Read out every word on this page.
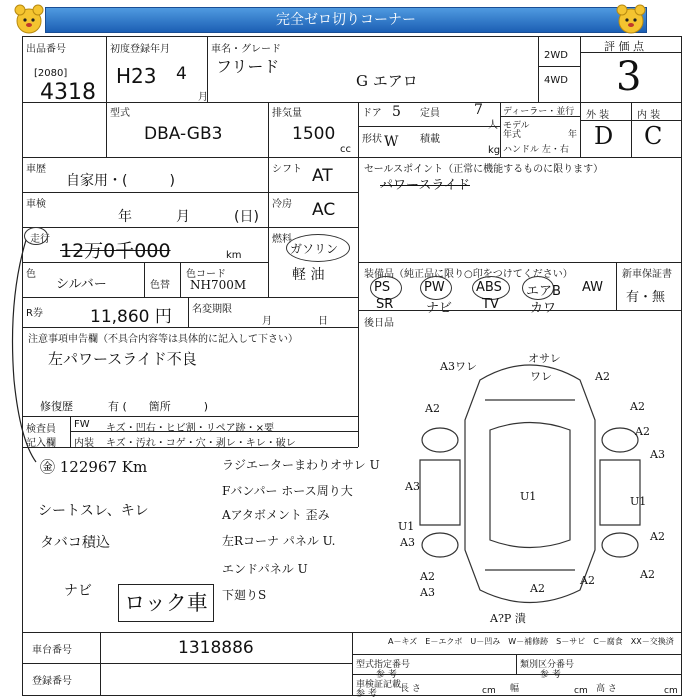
完全ゼロ切りコーナー
出品番号
[2080]
4318
初度登録年月
H23 4
月
車名・グレード
フリード
G エアロ
2WD
4WD
評 価 点
3
型式
DBA-GB3
排気量
1500
cc
ドア 5 定員 7
人
形状 W 積載
kg
ディーラー・並行
モデル
年式	年
ハンドル 左・右
外 装	内 装
D C
車歴
自家用・(　　　)
シフト AT
車検
年	月	(日)
冷房 AC
走行
12万0千000	km
燃料
ガソリン
軽 油
色
シルバー	色替
色コード
NH700M
R券	11,860 円 名変期限
月	日
セールスポイント（正常に機能するものに限ります）
パワースライド
装備品（純正品に限り○印をつけてください）	新車保証書
有・無
PS	PW ABS エアB AW
SR	ナビ TV カワ
後日品
注意事項申告欄（不具合内容等は具体的に記入して下さい）
左パワースライド不良
修復歴	有 (　　箇所　　　)
検査員
記入欄
FW キズ・凹右・ヒビ割・リペア跡・×要
内装 キズ・汚れ・コゲ・穴・剥レ・キレ・破レ
㊎ 122967 Km
シートスレ、キレ
タバコ積込
ナビ
ラジエーターまわりオサレ U
Fバンパー ホース周り大
Aアタボメント 歪み
左Rコーナ パネル U.
エンドパネル U
下廻りS
ロック車
A3ワレ
オサレ
ワレ	A2
A2	A2
A3
A2
A3
U1
U1
A3	A2
U1
A2
A2
A3
A2
A2
A?P 潰
車台番号	1318886
登録番号
A－キズ　E－エクボ　U－凹み　W－補修跡　S－サビ　C－腐食　XX－交換済
型式指定番号
参 考
類別区分番号
参 考
車検証記載
参 考	長 さ	cm 幅	cm 高 さ	cm
